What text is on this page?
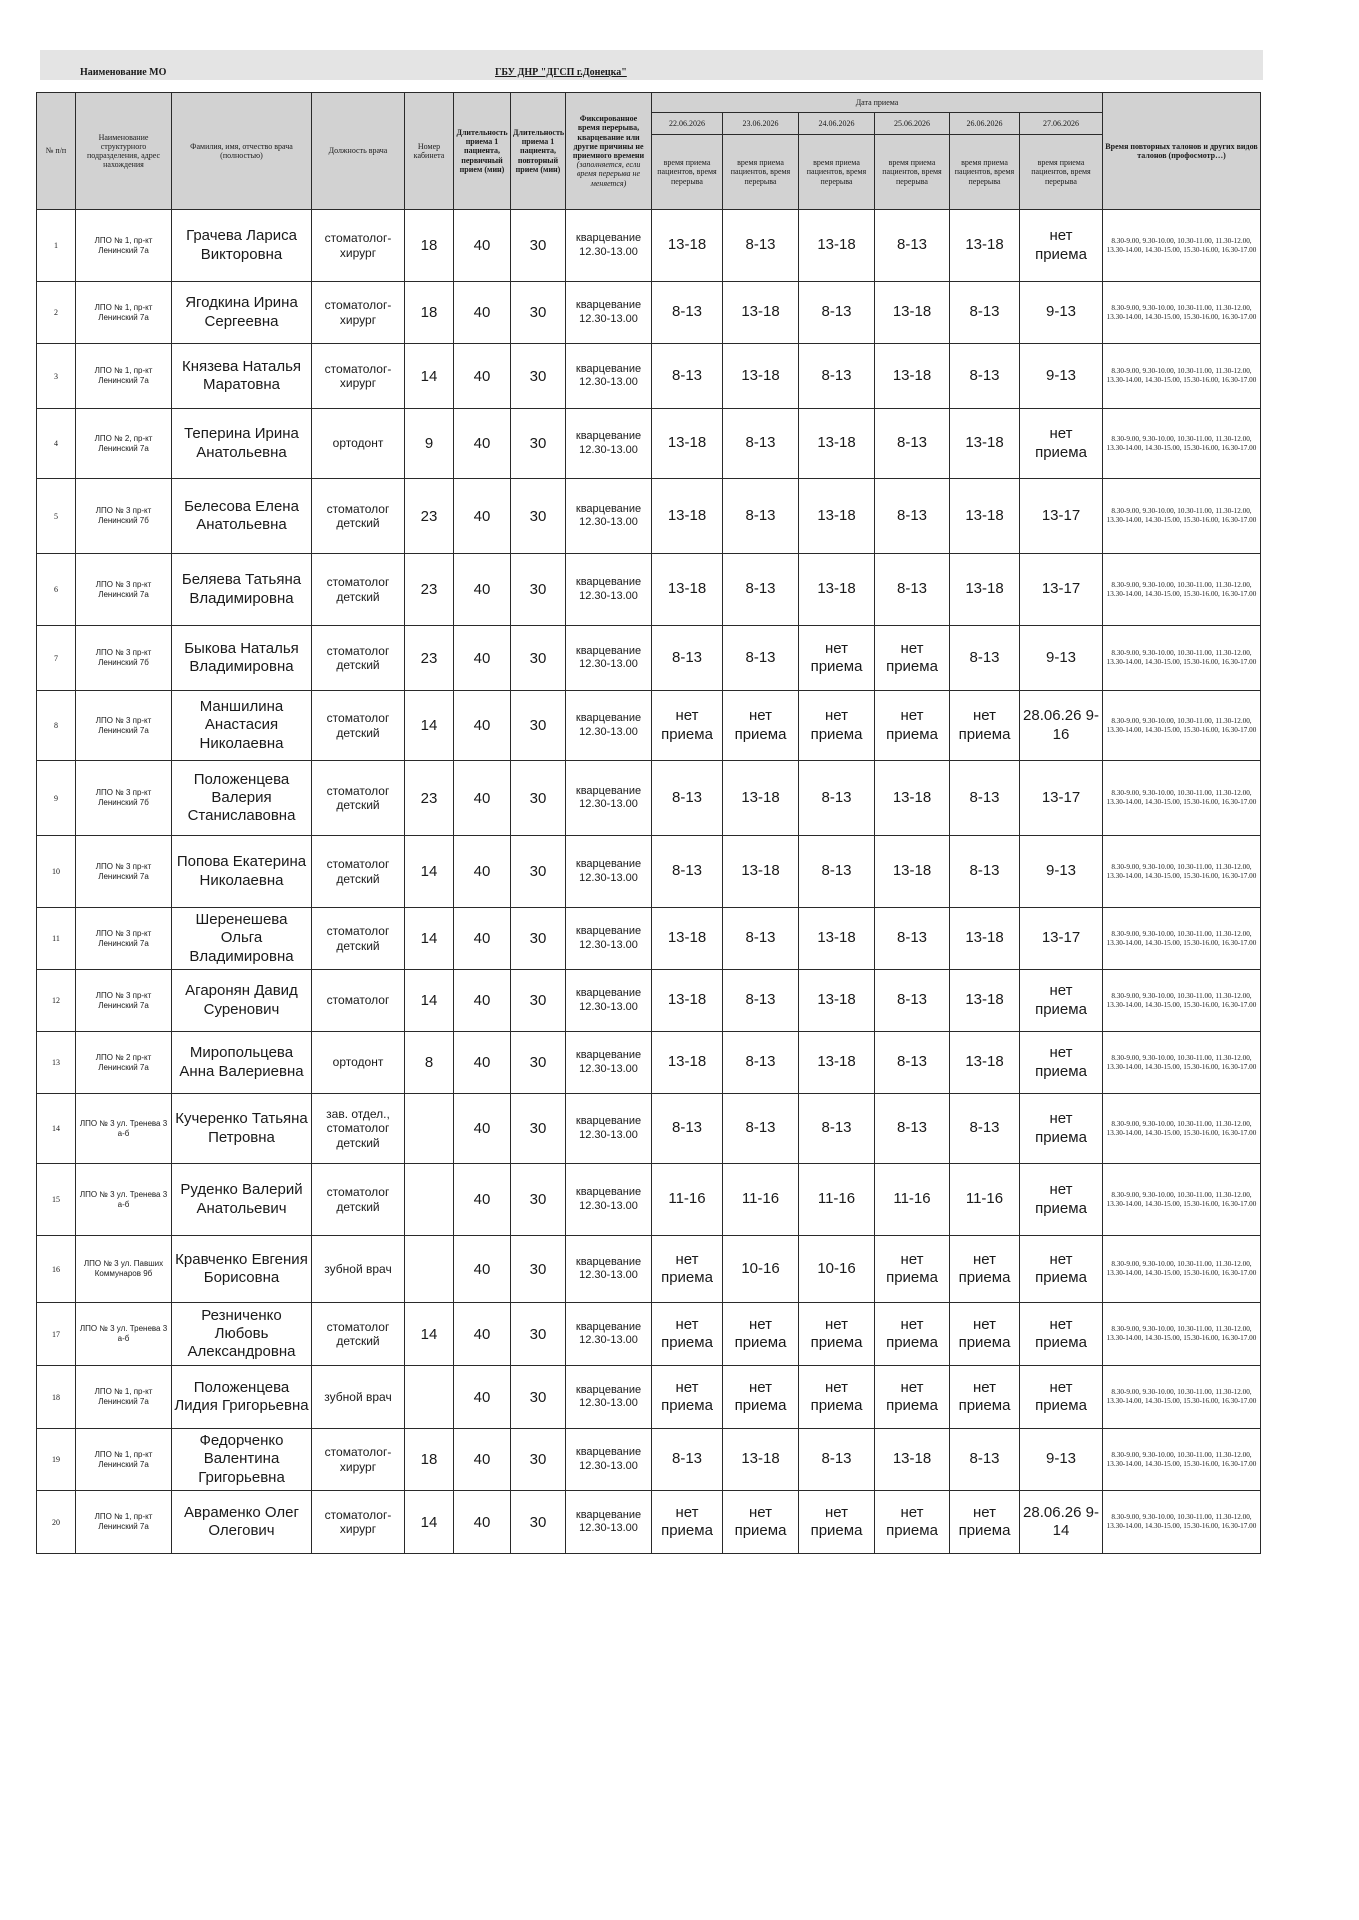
Наименование МО	ГБУ ДНР "ДГСП г.Донецка"
№ п/п	Наименование структурного подразделения, адрес нахождения	Фамилия, имя, отчество врача (полностью)	Должность врача	Номер кабинета	Длительность приема 1 пациента, первичный прием (мин)	Длительность приема 1 пациента, повторный прием (мин)	Фиксированное время перерыва, кварцевание или другие причины не приемного времени (заполняется, если время перерыва не меняется)	Дата приема						Время повторных талонов и других видов талонов (профосмотр…)
								22.06.2026	23.06.2026	24.06.2026	25.06.2026	26.06.2026	27.06.2026	
								время приема пациентов, время перерыва	время приема пациентов, время перерыва	время приема пациентов, время перерыва	время приема пациентов, время перерыва	время приема пациентов, время перерыва	время приема пациентов, время перерыва	
1	ЛПО № 1, пр-кт Ленинский 7а	Грачева Лариса Викторовна	стоматолог-хирург	18	40	30	кварцевание 12.30-13.00	13-18	8-13	13-18	8-13	13-18	нет приема	8.30-9.00, 9.30-10.00, 10.30-11.00, 11.30-12.00, 13.30-14.00, 14.30-15.00, 15.30-16.00, 16.30-17.00
2	ЛПО № 1, пр-кт Ленинский 7а	Ягодкина Ирина Сергеевна	стоматолог-хирург	18	40	30	кварцевание 12.30-13.00	8-13	13-18	8-13	13-18	8-13	9-13	8.30-9.00, 9.30-10.00, 10.30-11.00, 11.30-12.00, 13.30-14.00, 14.30-15.00, 15.30-16.00, 16.30-17.00
3	ЛПО № 1, пр-кт Ленинский 7а	Князева Наталья Маратовна	стоматолог-хирург	14	40	30	кварцевание 12.30-13.00	8-13	13-18	8-13	13-18	8-13	9-13	8.30-9.00, 9.30-10.00, 10.30-11.00, 11.30-12.00, 13.30-14.00, 14.30-15.00, 15.30-16.00, 16.30-17.00
4	ЛПО № 2, пр-кт Ленинский 7а	Теперина Ирина Анатольевна	ортодонт	9	40	30	кварцевание 12.30-13.00	13-18	8-13	13-18	8-13	13-18	нет приема	8.30-9.00, 9.30-10.00, 10.30-11.00, 11.30-12.00, 13.30-14.00, 14.30-15.00, 15.30-16.00, 16.30-17.00
5	ЛПО № 3 пр-кт Ленинский 7б	Белесова Елена Анатольевна	стоматолог детский	23	40	30	кварцевание 12.30-13.00	13-18	8-13	13-18	8-13	13-18	13-17	8.30-9.00, 9.30-10.00, 10.30-11.00, 11.30-12.00, 13.30-14.00, 14.30-15.00, 15.30-16.00, 16.30-17.00
6	ЛПО № 3 пр-кт Ленинский 7а	Беляева Татьяна Владимировна	стоматолог детский	23	40	30	кварцевание 12.30-13.00	13-18	8-13	13-18	8-13	13-18	13-17	8.30-9.00, 9.30-10.00, 10.30-11.00, 11.30-12.00, 13.30-14.00, 14.30-15.00, 15.30-16.00, 16.30-17.00
7	ЛПО № 3 пр-кт Ленинский 7б	Быкова Наталья Владимировна	стоматолог детский	23	40	30	кварцевание 12.30-13.00	8-13	8-13	нет приема	нет приема	8-13	9-13	8.30-9.00, 9.30-10.00, 10.30-11.00, 11.30-12.00, 13.30-14.00, 14.30-15.00, 15.30-16.00, 16.30-17.00
8	ЛПО № 3 пр-кт Ленинский 7а	Маншилина Анастасия Николаевна	стоматолог детский	14	40	30	кварцевание 12.30-13.00	нет приема	нет приема	нет приема	нет приема	нет приема	28.06.26 9-16	8.30-9.00, 9.30-10.00, 10.30-11.00, 11.30-12.00, 13.30-14.00, 14.30-15.00, 15.30-16.00, 16.30-17.00
9	ЛПО № 3 пр-кт Ленинский 7б	Положенцева Валерия Станиславовна	стоматолог детский	23	40	30	кварцевание 12.30-13.00	8-13	13-18	8-13	13-18	8-13	13-17	8.30-9.00, 9.30-10.00, 10.30-11.00, 11.30-12.00, 13.30-14.00, 14.30-15.00, 15.30-16.00, 16.30-17.00
10	ЛПО № 3 пр-кт Ленинский 7а	Попова Екатерина Николаевна	стоматолог детский	14	40	30	кварцевание 12.30-13.00	8-13	13-18	8-13	13-18	8-13	9-13	8.30-9.00, 9.30-10.00, 10.30-11.00, 11.30-12.00, 13.30-14.00, 14.30-15.00, 15.30-16.00, 16.30-17.00
11	ЛПО № 3 пр-кт Ленинский 7а	Шеренешева Ольга Владимировна	стоматолог детский	14	40	30	кварцевание 12.30-13.00	13-18	8-13	13-18	8-13	13-18	13-17	8.30-9.00, 9.30-10.00, 10.30-11.00, 11.30-12.00, 13.30-14.00, 14.30-15.00, 15.30-16.00, 16.30-17.00
12	ЛПО № 3 пр-кт Ленинский 7а	Агаронян Давид Суренович	стоматолог	14	40	30	кварцевание 12.30-13.00	13-18	8-13	13-18	8-13	13-18	нет приема	8.30-9.00, 9.30-10.00, 10.30-11.00, 11.30-12.00, 13.30-14.00, 14.30-15.00, 15.30-16.00, 16.30-17.00
13	ЛПО № 2 пр-кт Ленинский 7а	Миропольцева Анна Валериевна	ортодонт	8	40	30	кварцевание 12.30-13.00	13-18	8-13	13-18	8-13	13-18	нет приема	8.30-9.00, 9.30-10.00, 10.30-11.00, 11.30-12.00, 13.30-14.00, 14.30-15.00, 15.30-16.00, 16.30-17.00
14	ЛПО № 3 ул. Тренева 3 а-б	Кучеренко Татьяна Петровна	зав. отдел., стоматолог детский		40	30	кварцевание 12.30-13.00	8-13	8-13	8-13	8-13	8-13	нет приема	8.30-9.00, 9.30-10.00, 10.30-11.00, 11.30-12.00, 13.30-14.00, 14.30-15.00, 15.30-16.00, 16.30-17.00
15	ЛПО № 3 ул. Тренева 3 а-б	Руденко Валерий Анатольевич	стоматолог детский		40	30	кварцевание 12.30-13.00	11-16	11-16	11-16	11-16	11-16	нет приема	8.30-9.00, 9.30-10.00, 10.30-11.00, 11.30-12.00, 13.30-14.00, 14.30-15.00, 15.30-16.00, 16.30-17.00
16	ЛПО № 3 ул. Павших Коммунаров 9б	Кравченко Евгения Борисовна	зубной врач		40	30	кварцевание 12.30-13.00	нет приема	10-16	10-16	нет приема	нет приема	нет приема	8.30-9.00, 9.30-10.00, 10.30-11.00, 11.30-12.00, 13.30-14.00, 14.30-15.00, 15.30-16.00, 16.30-17.00
17	ЛПО № 3 ул. Тренева 3 а-б	Резниченко Любовь Александровна	стоматолог детский	14	40	30	кварцевание 12.30-13.00	нет приема	нет приема	нет приема	нет приема	нет приема	нет приема	8.30-9.00, 9.30-10.00, 10.30-11.00, 11.30-12.00, 13.30-14.00, 14.30-15.00, 15.30-16.00, 16.30-17.00
18	ЛПО № 1, пр-кт Ленинский 7а	Положенцева Лидия Григорьевна	зубной врач		40	30	кварцевание 12.30-13.00	нет приема	нет приема	нет приема	нет приема	нет приема	нет приема	8.30-9.00, 9.30-10.00, 10.30-11.00, 11.30-12.00, 13.30-14.00, 14.30-15.00, 15.30-16.00, 16.30-17.00
19	ЛПО № 1, пр-кт Ленинский 7а	Федорченко Валентина Григорьевна	стоматолог-хирург	18	40	30	кварцевание 12.30-13.00	8-13	13-18	8-13	13-18	8-13	9-13	8.30-9.00, 9.30-10.00, 10.30-11.00, 11.30-12.00, 13.30-14.00, 14.30-15.00, 15.30-16.00, 16.30-17.00
20	ЛПО № 1, пр-кт Ленинский 7а	Авраменко Олег Олегович	стоматолог-хирург	14	40	30	кварцевание 12.30-13.00	нет приема	нет приема	нет приема	нет приема	нет приема	28.06.26 9-14	8.30-9.00, 9.30-10.00, 10.30-11.00, 11.30-12.00, 13.30-14.00, 14.30-15.00, 15.30-16.00, 16.30-17.00
